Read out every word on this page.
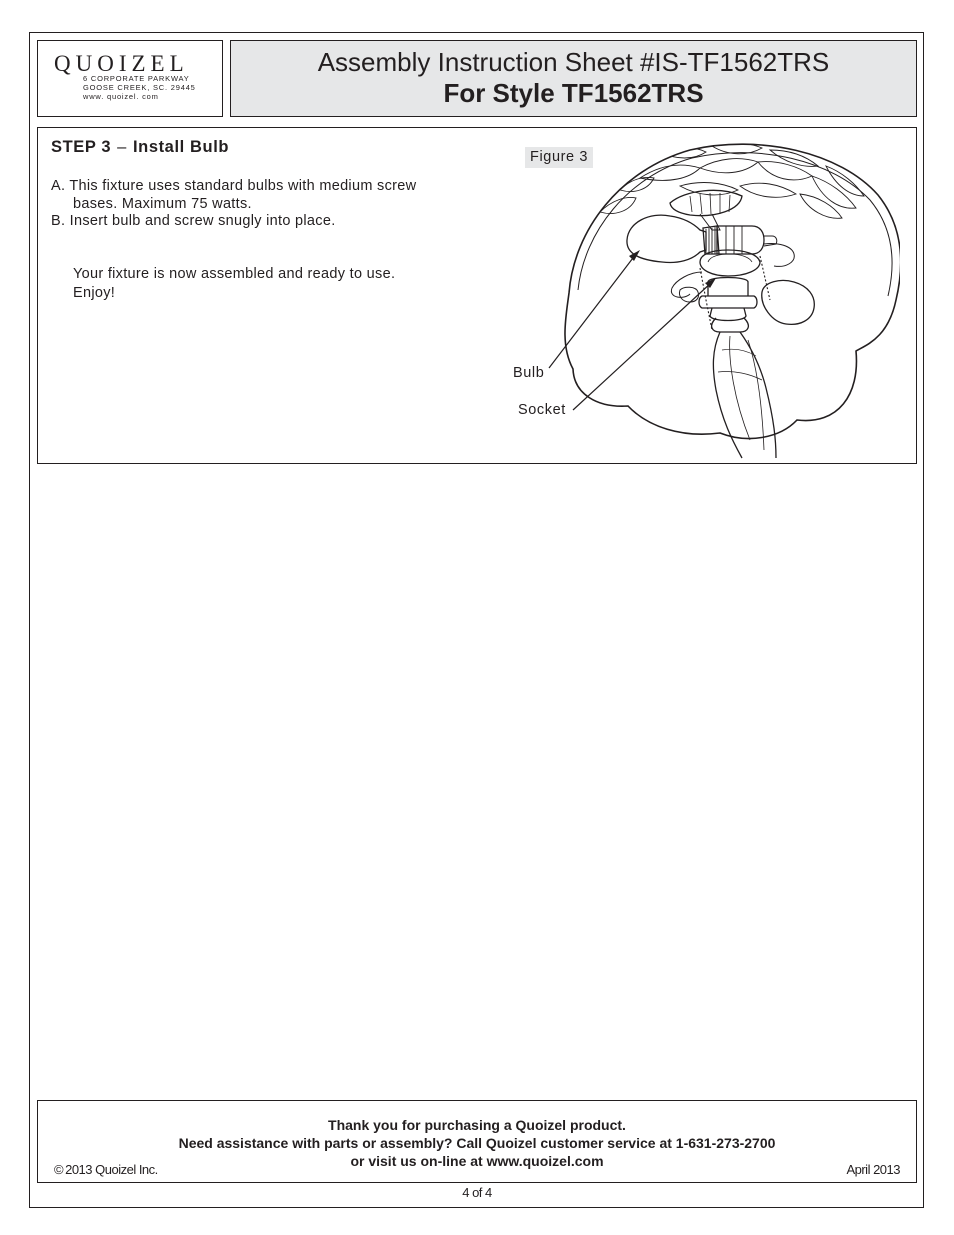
QUOIZEL
6 CORPORATE PARKWAY
GOOSE CREEK, SC. 29445
www. quoizel. com
Assembly Instruction Sheet #IS-TF1562TRS
For Style TF1562TRS
STEP 3 – Install Bulb
A. This fixture uses standard bulbs with medium screw
bases. Maximum 75 watts.
B. Insert bulb and screw snugly into place.
Your fixture is now assembled and ready to use.
Enjoy!
Figure 3
Bulb
Socket
Thank you for purchasing a Quoizel product.
Need assistance with parts or assembly? Call Quoizel customer service at 1-631-273-2700
or visit us on-line at www.quoizel.com
© 2013 Quoizel Inc.	April 2013
4 of 4
